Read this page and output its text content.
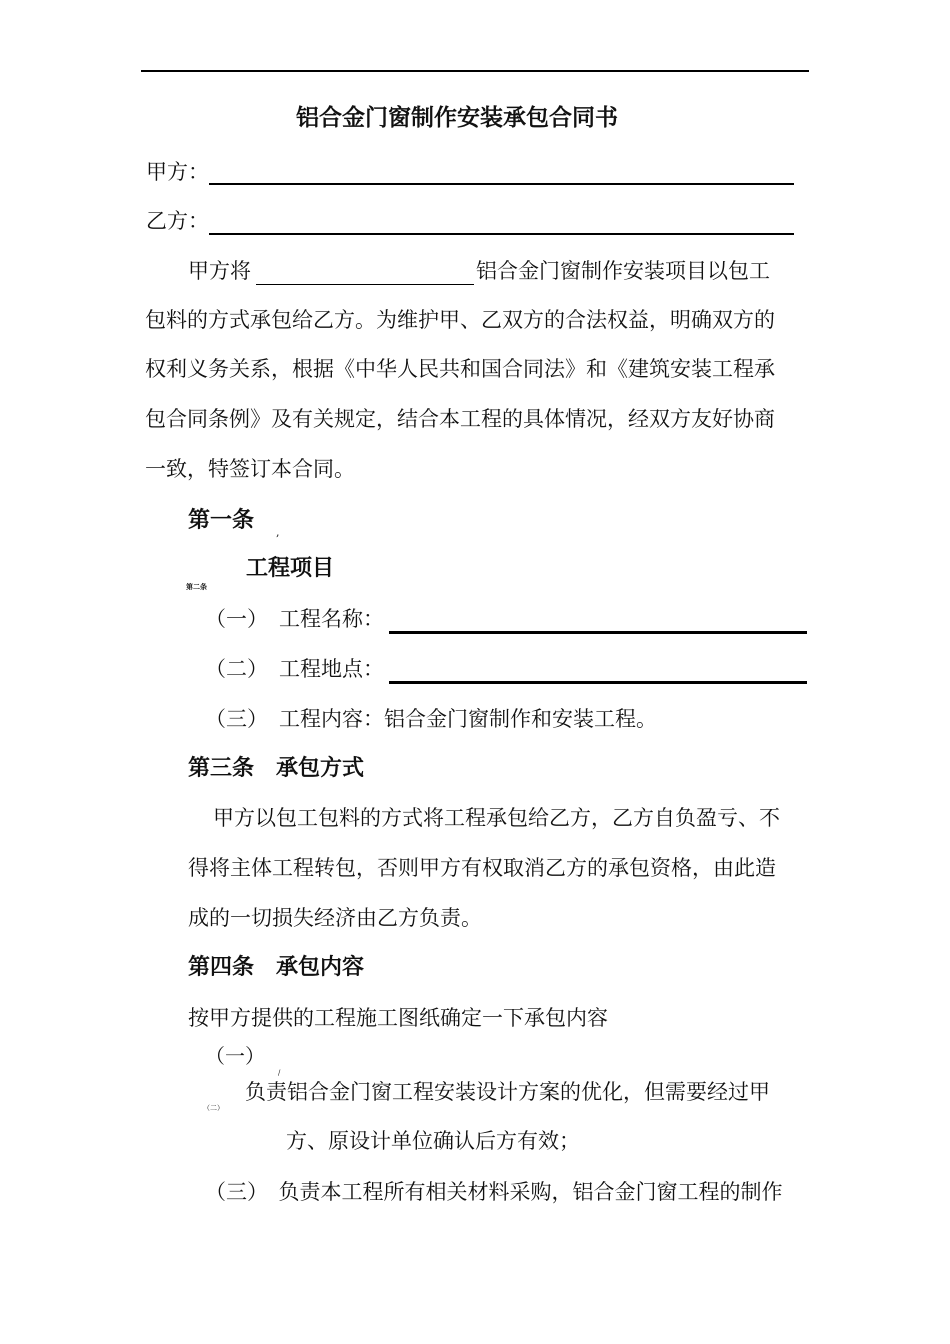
铝合金门窗制作安装承包合同书
甲方：
乙方：
甲方将	铝合金门窗制作安装项目以包工
包料的方式承包给乙方。为维护甲、乙双方的合法权益，明确双方的
权利义务关系，根据《中华人民共和国合同法》和《建筑安装工程承
包合同条例》及有关规定，结合本工程的具体情况，经双方友好协商
一致，特签订本合同。
第一条 ,
工程项目
第二条
（一） 工程名称：
（二） 工程地点：
（三） 工程内容：铝合金门窗制作和安装工程。
第三条　承包方式
甲方以包工包料的方式将工程承包给乙方，乙方自负盈亏、不
得将主体工程转包，否则甲方有权取消乙方的承包资格，由此造
成的一切损失经济由乙方负责。
第四条　承包内容
按甲方提供的工程施工图纸确定一下承包内容
（一）
/
（二）
负责铝合金门窗工程安装设计方案的优化，但需要经过甲
方、原设计单位确认后方有效；
（三）　负责本工程所有相关材料采购，铝合金门窗工程的制作
